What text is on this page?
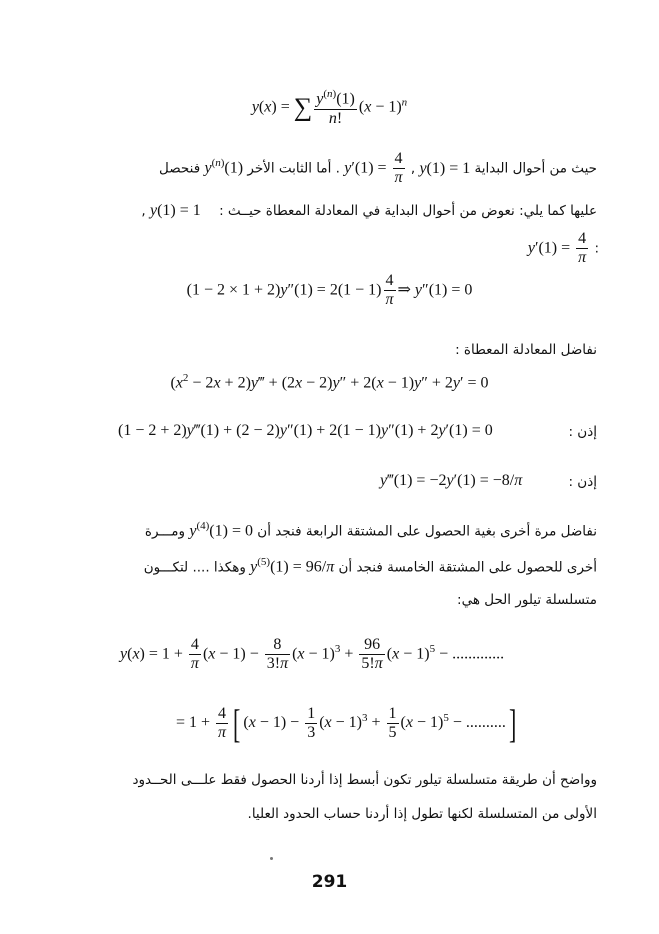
y(x) = ∑ $\frac{y^{(n)}(1)}{n!} (x - 1)^n$
حيث من أحوال البداية y(1) = 1 , $y'(1) = \frac{4}{\pi}$
. أما الثابت الأخر $y^{(n)}(1)$ فنحصل
عليها كما يلي: نعوض من أحوال البداية في المعادلة المعطاة حيــث : y(1) = 1 ,
: $y'(1) = \frac{4}{\pi}$
$(1 - 2 \times 1 + 2)y''(1) = 2(1 - 1) \frac{4}{\pi}$ ⇒ y″(1) = 0
نفاضل المعادلة المعطاة :
($x^2 - 2x$ + 2)y‴ + (2x − 2)y″ + 2(x − 1)y″ + 2y′ = 0
إذن :
(1 − 2 + 2)y‴(1) + (2 − 2)y″(1) + 2(1 − 1)y″(1) + 2y′(1) = 0
إذن :
y‴(1) = −2y′(1) = −8/π
نفاضل مرة أخرى بغية الحصول على المشتقة الرابعة فنجد أن $y^{(4)}(1) = 0$ ومـــرة
أخرى للحصول على المشتقة الخامسة فنجد أن $y^{(5)}(1) = 96/\pi$ وهكذا .... لتكـــون
متسلسلة تيلور الحل هي:
$y(x) = 1 + \frac{4}{\pi} (x - 1) - \frac{8}{3!\pi} (x - 1)^3 + \frac{96}{5!\pi} (x - 1)^5$ − .............
= $1 + \frac{4}{\pi}$ [ $(x - 1) - \frac{1}{3} (x - 1)^3 + \frac{1}{5} (x - 1)^5$ − ..........]
وواضح أن طريقة متسلسلة تيلور تكون أبسط إذا أردنا الحصول فقط علـــى الحــدود
الأولى من المتسلسلة لكنها تطول إذا أردنا حساب الحدود العليا.
291
